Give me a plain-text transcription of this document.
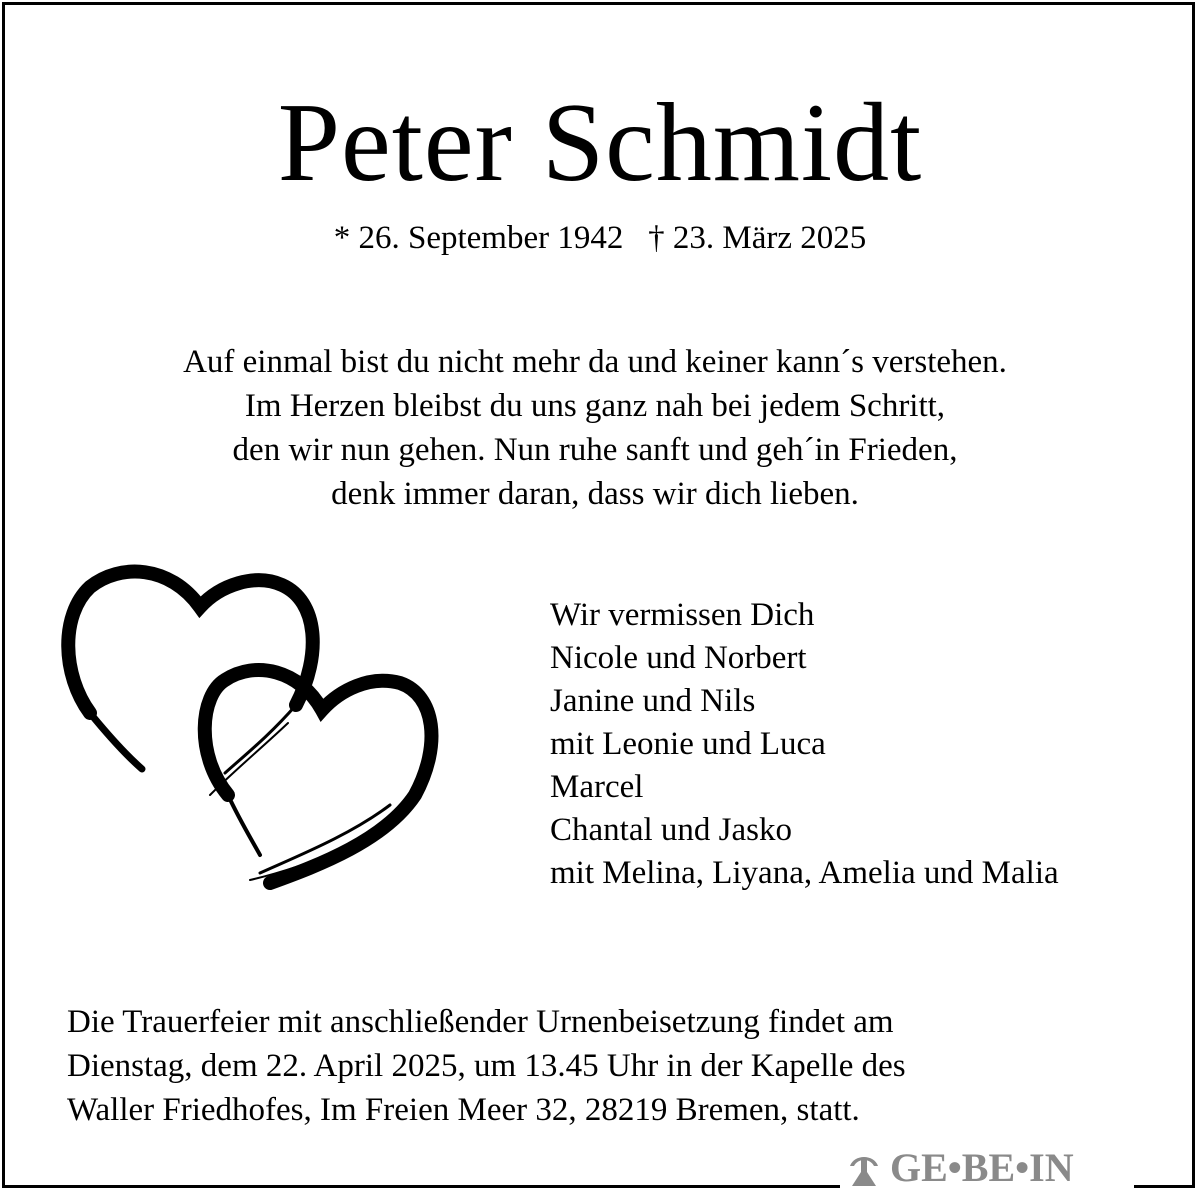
Peter Schmidt
* 26. September 1942 † 23. März 2025
Auf einmal bist du nicht mehr da und keiner kann´s verstehen.
Im Herzen bleibst du uns ganz nah bei jedem Schritt,
den wir nun gehen. Nun ruhe sanft und geh´in Frieden,
denk immer daran, dass wir dich lieben.
Wir vermissen Dich
Nicole und Norbert
Janine und Nils
mit Leonie und Luca
Marcel
Chantal und Jasko
mit Melina, Liyana, Amelia und Malia
Die Trauerfeier mit anschließender Urnenbeisetzung findet am
Dienstag, dem 22. April 2025, um 13.45 Uhr in der Kapelle des
Waller Friedhofes, Im Freien Meer 32, 28219 Bremen, statt.
GE•BE•IN
